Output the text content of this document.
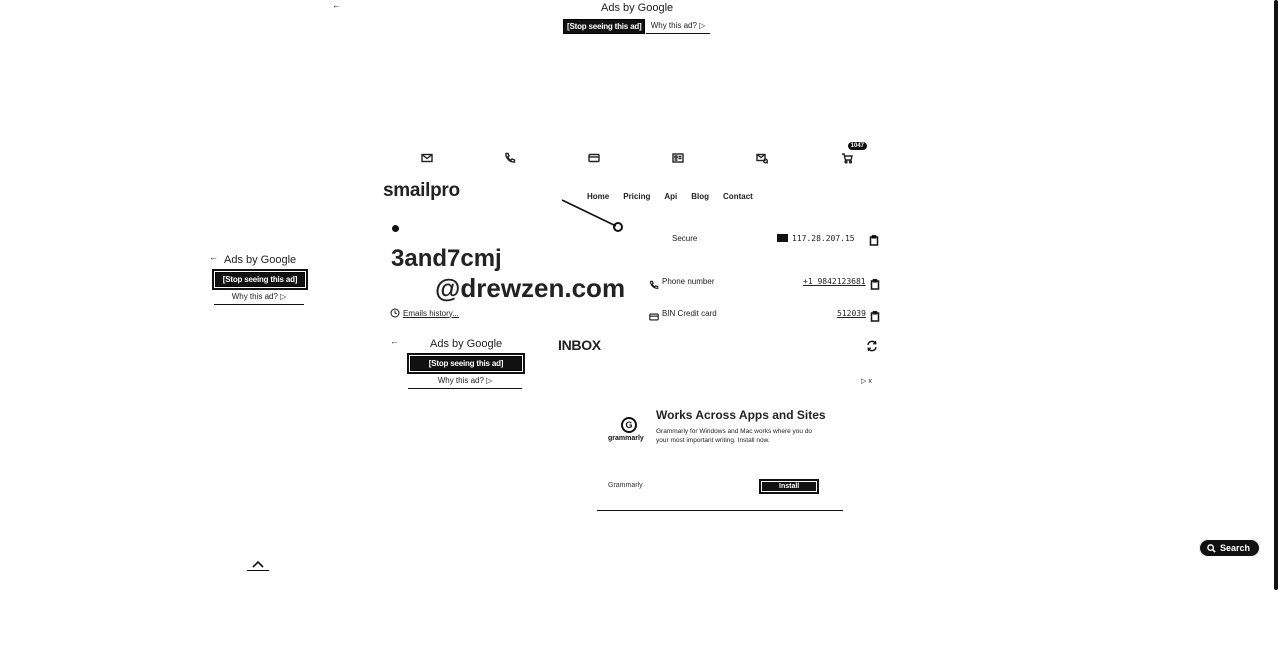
←	Ads by Google
[Stop seeing this ad]	Why this ad? ▷
1047
smailpro	Home Pricing Api Blog Contact
3and7cmj
@drewzen.com
Emails history...
Secure	117.28.207.15
Phone number	+1 9842123681
BIN Credit card	512039
← Ads by Google
[Stop seeing this ad]
Why this ad? ▷
←	Ads by Google
[Stop seeing this ad]
Why this ad? ▷
INBOX
▷ x
G
grammarly
Works Across Apps and Sites
Grammarly for Windows and Mac works where you do your most important writing. Install now.
Grammarly	Install
Search
